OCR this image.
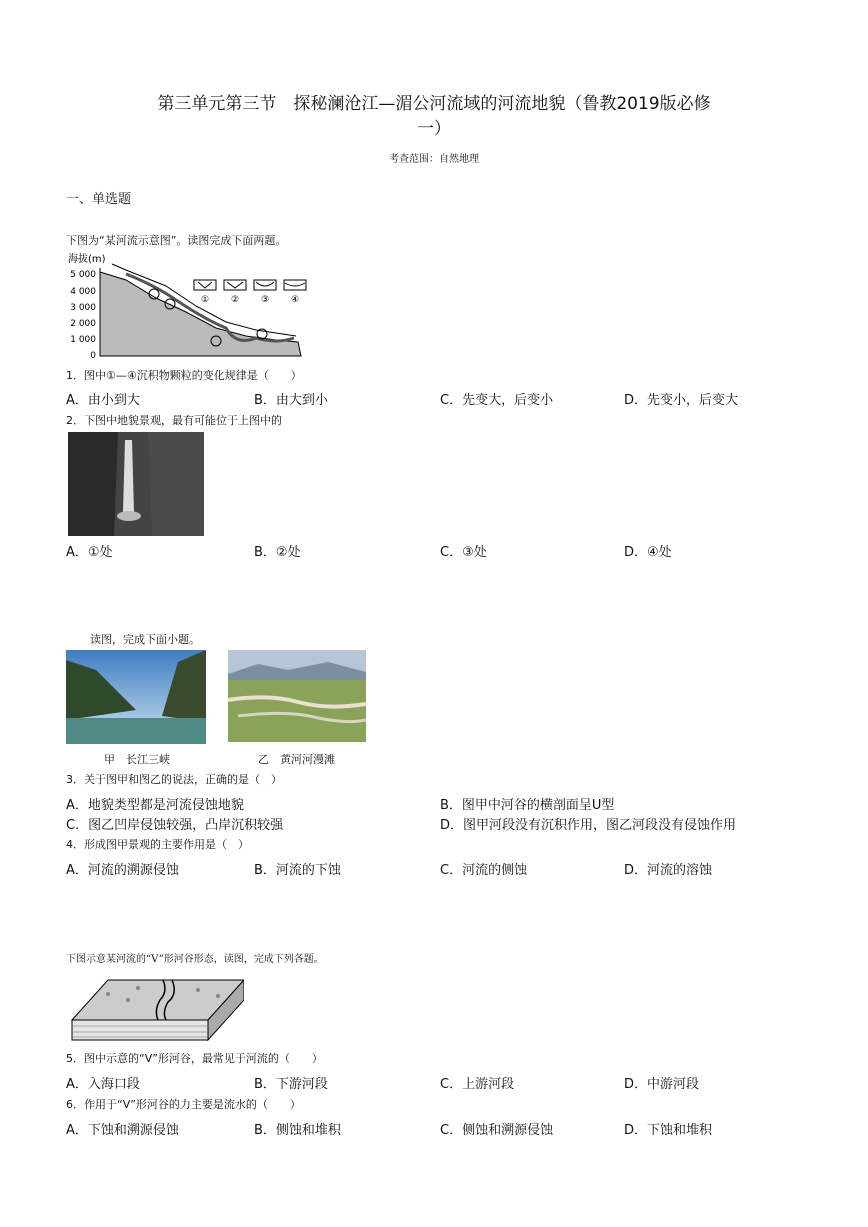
第三单元第三节　探秘澜沧江—湄公河流域的河流地貌（鲁教2019版必修
一）
考查范围：自然地理
一、单选题
下图为“某河流示意图”。读图完成下面两题。
海拔(m)
5 000
4 000
3 000
2 000
1 000
0
① ② ③ ④
1．图中①—④沉积物颗粒的变化规律是（　　）
A．由小到大	B．由大到小	C．先变大，后变小	D．先变小，后变大
2．下图中地貌景观，最有可能位于上图中的
A．①处	B．②处	C．③处	D．④处
读图，完成下面小题。
甲　长江三峡	乙　黄河河漫滩
3．关于图甲和图乙的说法，正确的是（　）
A．地貌类型都是河流侵蚀地貌	B．图甲中河谷的横剖面呈U型
C．图乙凹岸侵蚀较强，凸岸沉积较强	D．图甲河段没有沉积作用，图乙河段没有侵蚀作用
4．形成图甲景观的主要作用是（　）
A．河流的溯源侵蚀	B．河流的下蚀	C．河流的侧蚀	D．河流的溶蚀
下图示意某河流的“V”形河谷形态，读图，完成下列各题。
5．图中示意的“V”形河谷，最常见于河流的（　　）
A．入海口段	B．下游河段	C．上游河段	D．中游河段
6．作用于“V”形河谷的力主要是流水的（　　）
A．下蚀和溯源侵蚀	B．侧蚀和堆积	C．侧蚀和溯源侵蚀	D．下蚀和堆积
